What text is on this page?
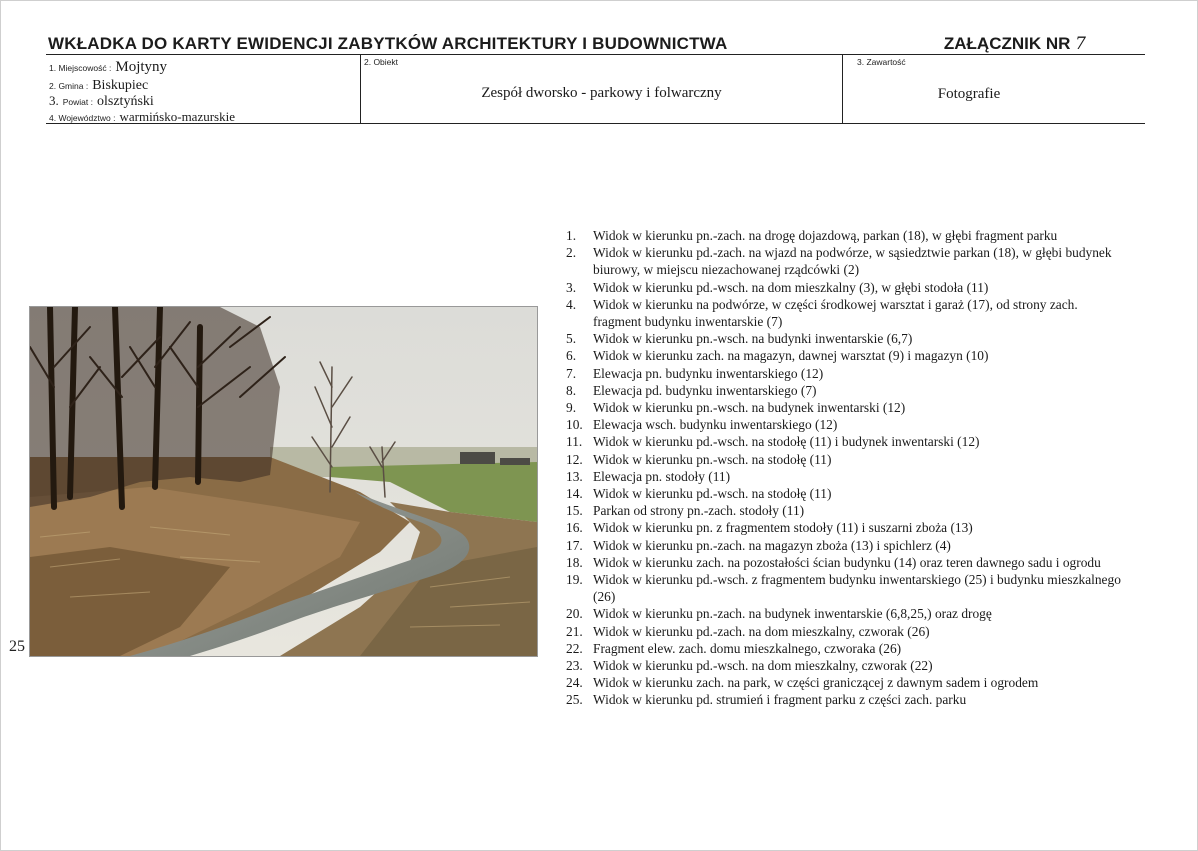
WKŁADKA DO KARTY EWIDENCJI ZABYTKÓW ARCHITEKTURY I BUDOWNICTWA	ZAŁĄCZNIK NR 7
1. Miejscowość : Mojtyny
2. Gmina : Biskupiec
3. Powiat : olsztyński
4. Województwo : warmińsko-mazurskie
2. Obiekt
Zespół dworsko - parkowy i folwarczny
3. Zawartość
Fotografie
25
1.	Widok w kierunku pn.-zach. na drogę dojazdową, parkan (18), w głębi fragment parku
2.	Widok w kierunku pd.-zach. na wjazd na podwórze, w sąsiedztwie parkan (18), w głębi budynek biurowy, w miejscu niezachowanej rządcówki (2)
3.	Widok w kierunku pd.-wsch. na dom mieszkalny (3), w głębi stodoła (11)
4.	Widok w kierunku na podwórze, w części środkowej warsztat i garaż (17), od strony zach. fragment budynku inwentarskie (7)
5.	Widok w kierunku pn.-wsch. na budynki inwentarskie (6,7)
6.	Widok w kierunku zach. na magazyn, dawnej warsztat (9) i magazyn (10)
7.	Elewacja pn. budynku inwentarskiego (12)
8.	Elewacja pd. budynku inwentarskiego (7)
9.	Widok w kierunku pn.-wsch. na budynek inwentarski (12)
10. Elewacja wsch. budynku inwentarskiego (12)
11. Widok w kierunku pd.-wsch. na stodołę (11) i budynek inwentarski (12)
12. Widok w kierunku pn.-wsch. na stodołę (11)
13. Elewacja pn. stodoły (11)
14. Widok w kierunku pd.-wsch. na stodołę (11)
15. Parkan od strony pn.-zach. stodoły (11)
16. Widok w kierunku pn. z fragmentem stodoły (11) i suszarni zboża (13)
17. Widok w kierunku pn.-zach. na magazyn zboża (13) i spichlerz (4)
18. Widok w kierunku zach. na pozostałości ścian budynku (14) oraz teren dawnego sadu i ogrodu
19. Widok w kierunku pd.-wsch. z fragmentem budynku inwentarskiego (25) i budynku mieszkalnego (26)
20. Widok w kierunku pn.-zach. na budynek inwentarskie (6,8,25,) oraz drogę
21. Widok w kierunku pd.-zach. na dom mieszkalny, czworak (26)
22. Fragment elew. zach. domu mieszkalnego, czworaka (26)
23. Widok w kierunku pd.-wsch. na dom mieszkalny, czworak (22)
24. Widok w kierunku zach. na park, w części graniczącej z dawnym sadem i ogrodem
25. Widok w kierunku pd. strumień i fragment parku z części zach. parku
